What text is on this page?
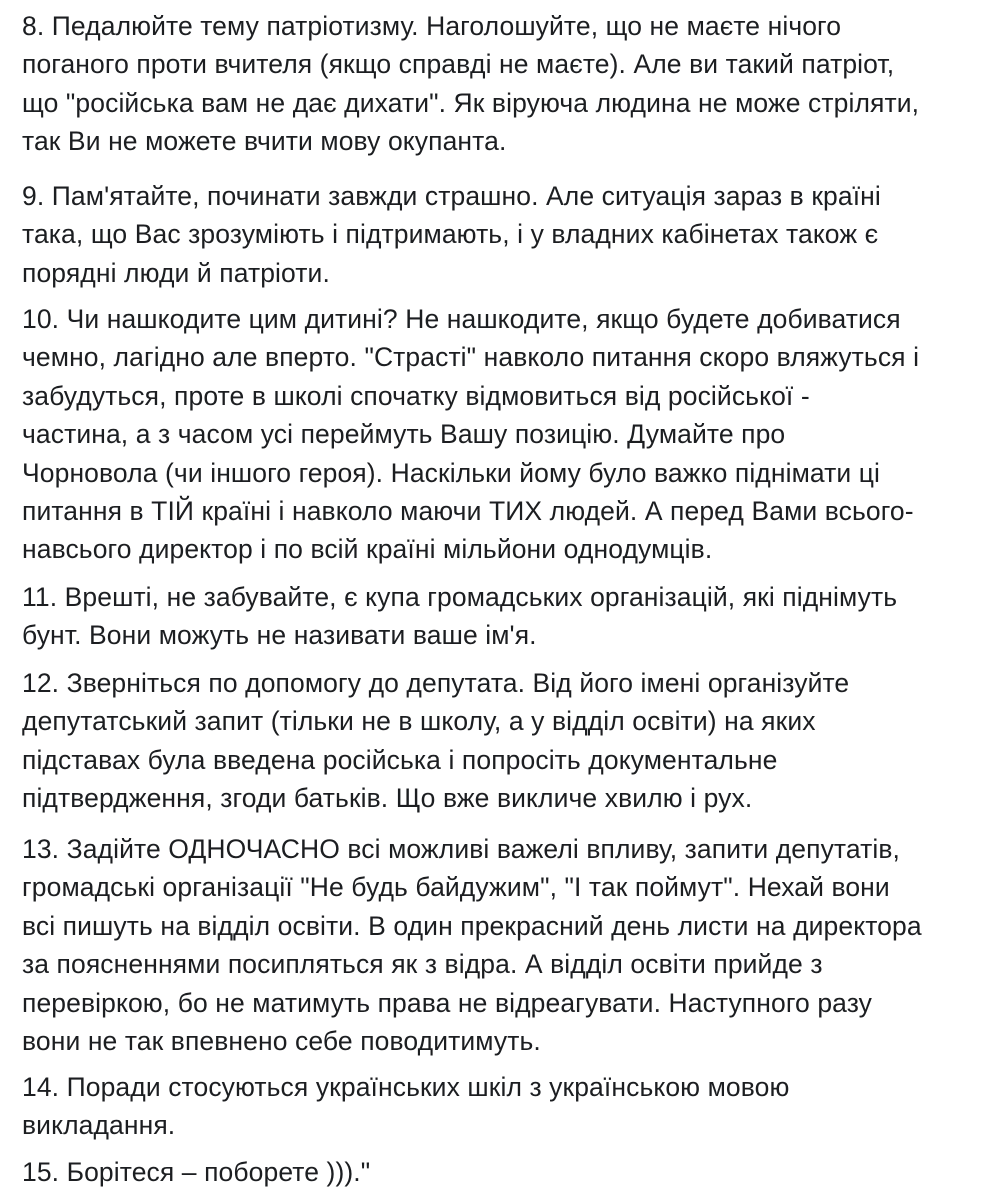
8. Педалюйте тему патріотизму. Наголошуйте, що не маєте нічого
поганого проти вчителя (якщо справді не маєте). Але ви такий патріот,
що "російська вам не дає дихати". Як віруюча людина не може стріляти,
так Ви не можете вчити мову окупанта.

9. Пам'ятайте, починати завжди страшно. Але ситуація зараз в країні
така, що Вас зрозуміють і підтримають, і у владних кабінетах також є
порядні люди й патріоти.

10. Чи нашкодите цим дитині? Не нашкодите, якщо будете добиватися
чемно, лагідно але вперто. "Страсті" навколо питання скоро вляжуться і
забудуться, проте в школі спочатку відмовиться від російської -
частина, а з часом усі переймуть Вашу позицію. Думайте про
Чорновола (чи іншого героя). Наскільки йому було важко піднімати ці
питання в ТІЙ країні і навколо маючи ТИХ людей. А перед Вами всього-
навсього директор і по всій країні мільйони однодумців.

11. Врешті, не забувайте, є купа громадських організацій, які піднімуть
бунт. Вони можуть не називати ваше ім'я.

12. Зверніться по допомогу до депутата. Від його імені організуйте
депутатський запит (тільки не в школу, а у відділ освіти) на яких
підставах була введена російська і попросіть документальне
підтвердження, згоди батьків. Що вже викличе хвилю і рух.

13. Задійте ОДНОЧАСНО всі можливі важелі впливу, запити депутатів,
громадські організації "Не будь байдужим", "І так поймут". Нехай вони
всі пишуть на відділ освіти. В один прекрасний день листи на директора
за поясненнями посипляться як з відра. А відділ освіти прийде з
перевіркою, бо не матимуть права не відреагувати. Наступного разу
вони не так впевнено себе поводитимуть.

14. Поради стосуються українських шкіл з українською мовою
викладання.

15. Борітеся – поборете )))."
